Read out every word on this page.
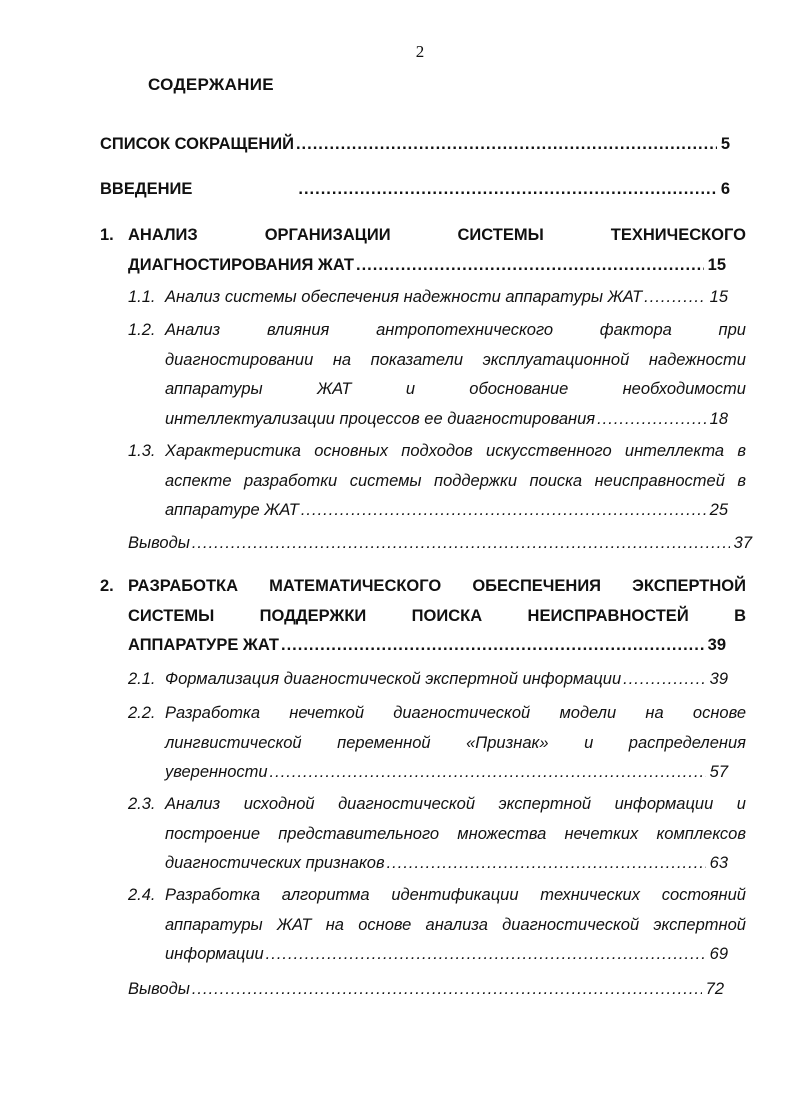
2
СОДЕРЖАНИЕ
СПИСОК СОКРАЩЕНИЙ .....	5
ВВЕДЕНИЕ .....	6
1. АНАЛИЗ	ОРГАНИЗАЦИИ	СИСТЕМЫ	ТЕХНИЧЕСКОГО
ДИАГНОСТИРОВАНИЯ ЖАТ .....	15
1.1. Анализ системы обеспечения надежности аппаратуры ЖАТ .....	15
1.2. Анализ	влияния	антропотехнического	фактора	при
диагностировании на показатели эксплуатационной надежности
аппаратуры	ЖАТ	и	обоснование	необходимости
интеллектуализации процессов ее диагностирования .....	18
1.3. Характеристика основных подходов искусственного интеллекта в
аспекте разработки системы поддержки поиска неисправностей в
аппаратуре ЖАТ .....	25
Выводы .....	37
2. РАЗРАБОТКА МАТЕМАТИЧЕСКОГО ОБЕСПЕЧЕНИЯ ЭКСПЕРТНОЙ
СИСТЕМЫ	ПОДДЕРЖКИ	ПОИСКА	НЕИСПРАВНОСТЕЙ	В
АППАРАТУРЕ ЖАТ .....	39
2.1. Формализация диагностической экспертной информации .....	39
2.2. Разработка нечеткой диагностической модели на основе
лингвистической переменной «Признак» и распределения
уверенности .....	57
2.3. Анализ исходной диагностической экспертной информации и
построение представительного множества нечетких комплексов
диагностических признаков .....	63
2.4. Разработка алгоритма идентификации технических состояний
аппаратуры ЖАТ на основе анализа диагностической экспертной
информации .....	69
Выводы .....	72
